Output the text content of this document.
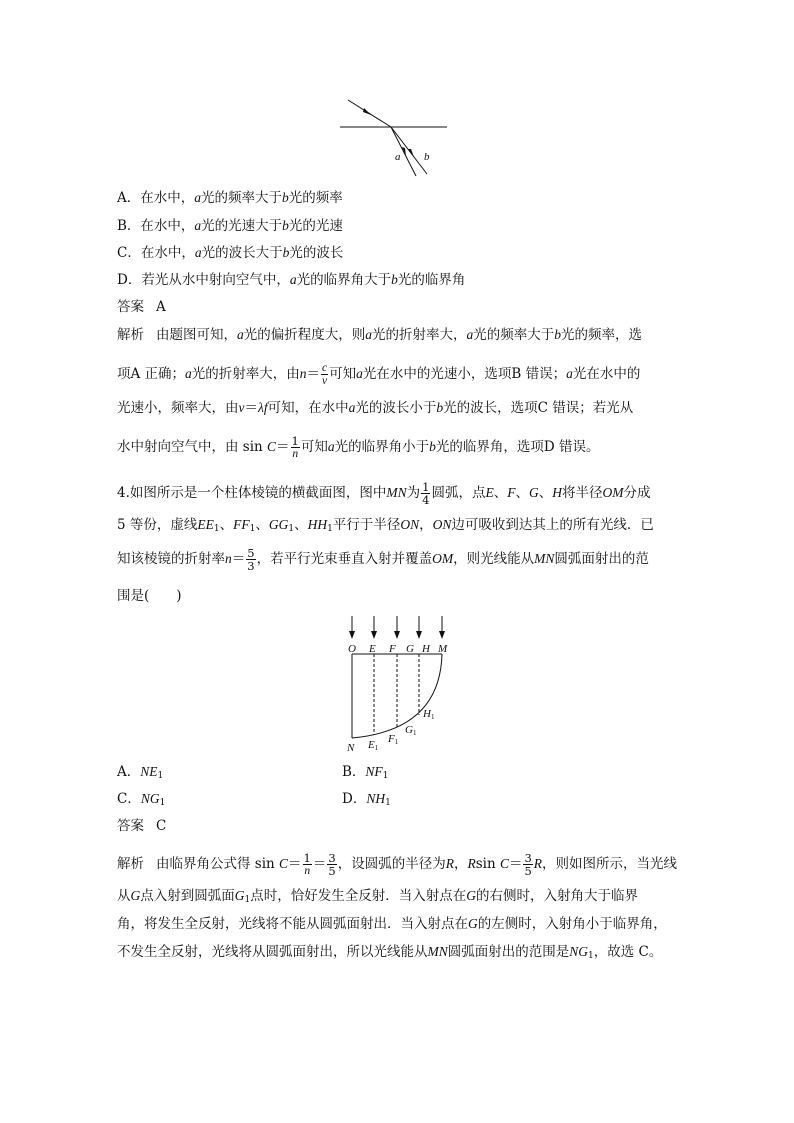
a b
A．在水中，a光的频率大于b光的频率
B．在水中，a光的光速大于b光的光速
C．在水中，a光的波长大于b光的波长
D．若光从水中射向空气中，a光的临界角大于b光的临界角
答案 A
解析 由题图可知，a光的偏折程度大，则a光的折射率大，a光的频率大于b光的频率，选
项A 正确；a光的折射率大，由$n= \frac{c}{v}$ 可知a光在水中的光速小，选项B 错误；a光在水中的
光速小，频率大，由v＝λf可知，在水中a光的波长小于b光的波长，选项C 错误；若光从
水中射向空气中，由 $\sin C= \frac{1}{n}$ 可知a光的临界角小于b光的临界角，选项D 错误。
4.如图所示是一个柱体棱镜的横截面图，图中MN为 $\frac{1}{4}$ 圆弧，点E、F、G、H将半径OM分成
5 等份，虚线$EE_1$、$FF_1$、$GG_1$、$HH_1$平行于半径ON，ON边可吸收到达其上的所有光线．已
知该棱镜的折射率$n= \frac{5}{3}$ ，若平行光束垂直入射并覆盖OM，则光线能从MN圆弧面射出的范
围是(　　)
O E F G H M
N E1
F1
G1
H1
A．$NE_1$	B．$NF_1$
C．$NG_1$	D．$NH_1$
答案 C
解析 由临界角公式得 $\sin C= \frac{1}{n} = \frac{3}{5}$ ，设圆弧的半径为R，Rsin $C= \frac{3}{5}$ R，则如图所示，当光线
从G点入射到圆弧面$G_1$点时，恰好发生全反射．当入射点在G的右侧时，入射角大于临界
角，将发生全反射，光线将不能从圆弧面射出．当入射点在G的左侧时，入射角小于临界角，
不发生全反射，光线将从圆弧面射出，所以光线能从MN圆弧面射出的范围是$NG_1$，故选 C。
